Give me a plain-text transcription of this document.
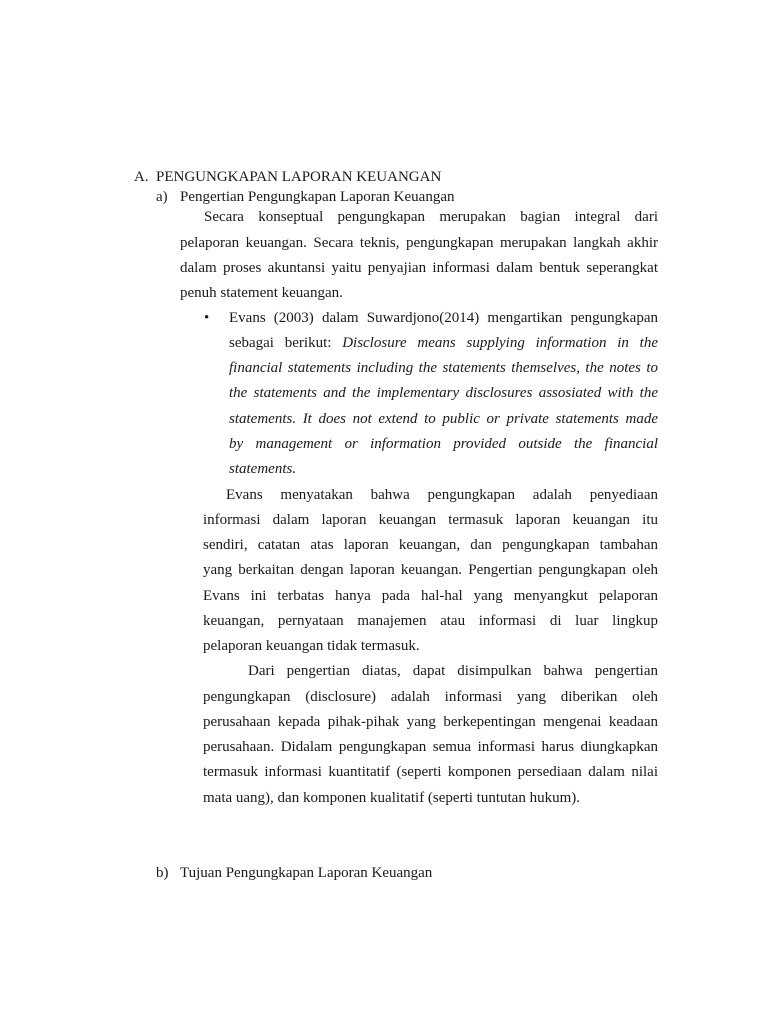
A. PENGUNGKAPAN LAPORAN KEUANGAN
a) Pengertian Pengungkapan Laporan Keuangan
Secara konseptual pengungkapan merupakan bagian integral dari
pelaporan keuangan. Secara teknis, pengungkapan merupakan langkah akhir
dalam proses akuntansi yaitu penyajian informasi dalam bentuk seperangkat
penuh statement keuangan.
• Evans (2003) dalam Suwardjono(2014) mengartikan pengungkapan
sebagai berikut: Disclosure means supplying information in the
financial statements including the statements themselves, the notes to
the statements and the implementary disclosures assosiated with the
statements. It does not extend to public or private statements made
by management or information provided outside the financial
statements.
Evans menyatakan bahwa pengungkapan adalah penyediaan
informasi dalam laporan keuangan termasuk laporan keuangan itu
sendiri, catatan atas laporan keuangan, dan pengungkapan tambahan
yang berkaitan dengan laporan keuangan. Pengertian pengungkapan oleh
Evans ini terbatas hanya pada hal-hal yang menyangkut pelaporan
keuangan, pernyataan manajemen atau informasi di luar lingkup
pelaporan keuangan tidak termasuk.
Dari pengertian diatas, dapat disimpulkan bahwa pengertian
pengungkapan (disclosure) adalah informasi yang diberikan oleh
perusahaan kepada pihak-pihak yang berkepentingan mengenai keadaan
perusahaan. Didalam pengungkapan semua informasi harus diungkapkan
termasuk informasi kuantitatif (seperti komponen persediaan dalam nilai
mata uang), dan komponen kualitatif (seperti tuntutan hukum).
b) Tujuan Pengungkapan Laporan Keuangan
